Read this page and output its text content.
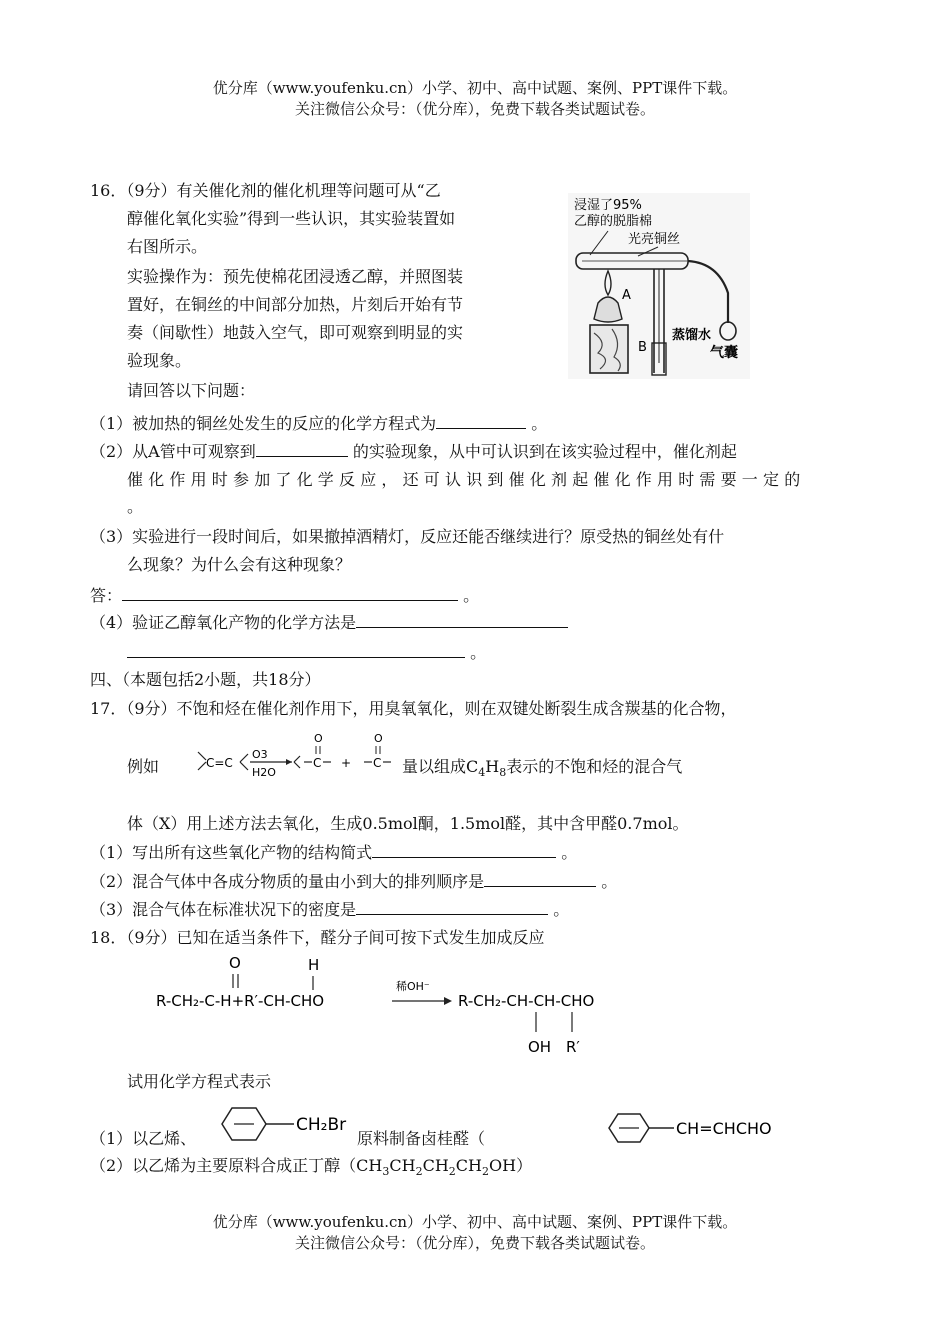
优分库（www.youfenku.cn）小学、初中、高中试题、案例、PPT课件下载。
关注微信公众号：（优分库），免费下载各类试题试卷。
16．（9分）有关催化剂的催化机理等问题可从“乙
醇催化氧化实验”得到一些认识，其实验装置如
右图所示。
实验操作为：预先使棉花团浸透乙醇，并照图装
置好，在铜丝的中间部分加热，片刻后开始有节
奏（间歇性）地鼓入空气，即可观察到明显的实
验现象。
请回答以下问题：
浸湿了95%
乙醇的脱脂棉
光亮铜丝
气囊
A
B
蒸馏水
（1）被加热的铜丝处发生的反应的化学方程式为	。
（2）从A管中可观察到	的实验现象，从中可认识到在该实验过程中，催化剂起
催化作用时参加了化学反应，还可认识到催化剂起催化作用时需要一定的
。
（3）实验进行一段时间后，如果撤掉酒精灯，反应还能否继续进行？原受热的铜丝处有什
么现象？为什么会有这种现象？
答：	。
（4）验证乙醇氧化产物的化学方法是
。
四、（本题包括2小题，共18分）
17．（9分）不饱和烃在催化剂作用下，用臭氧氧化，则在双键处断裂生成含羰基的化合物，
例如	C=C
O3
H2O
O
C +
O
C 量以组成$C_4H_8$表示的不饱和烃的混合气
体（X）用上述方法去氧化，生成0.5mol酮，1.5mol醛，其中含甲醛0.7mol。
（1）写出所有这些氧化产物的结构简式	。
（2）混合气体中各成分物质的量由小到大的排列顺序是	。
（3）混合气体在标准状况下的密度是	。
18．（9分）已知在适当条件下，醛分子间可按下式发生加成反应
O	H
R-CH₂-C-H+R′-CH-CHO
稀OH⁻
R-CH₂-CH-CH-CHO
OH R′
试用化学方程式表示
（1）以乙烯、
CH₂Br
原料制备卤桂醛（
CH=CHCHO
（2）以乙烯为主要原料合成正丁醇$(CH_3CH_2CH_2CH_2OH)$
优分库（www.youfenku.cn）小学、初中、高中试题、案例、PPT课件下载。
关注微信公众号：（优分库），免费下载各类试题试卷。
